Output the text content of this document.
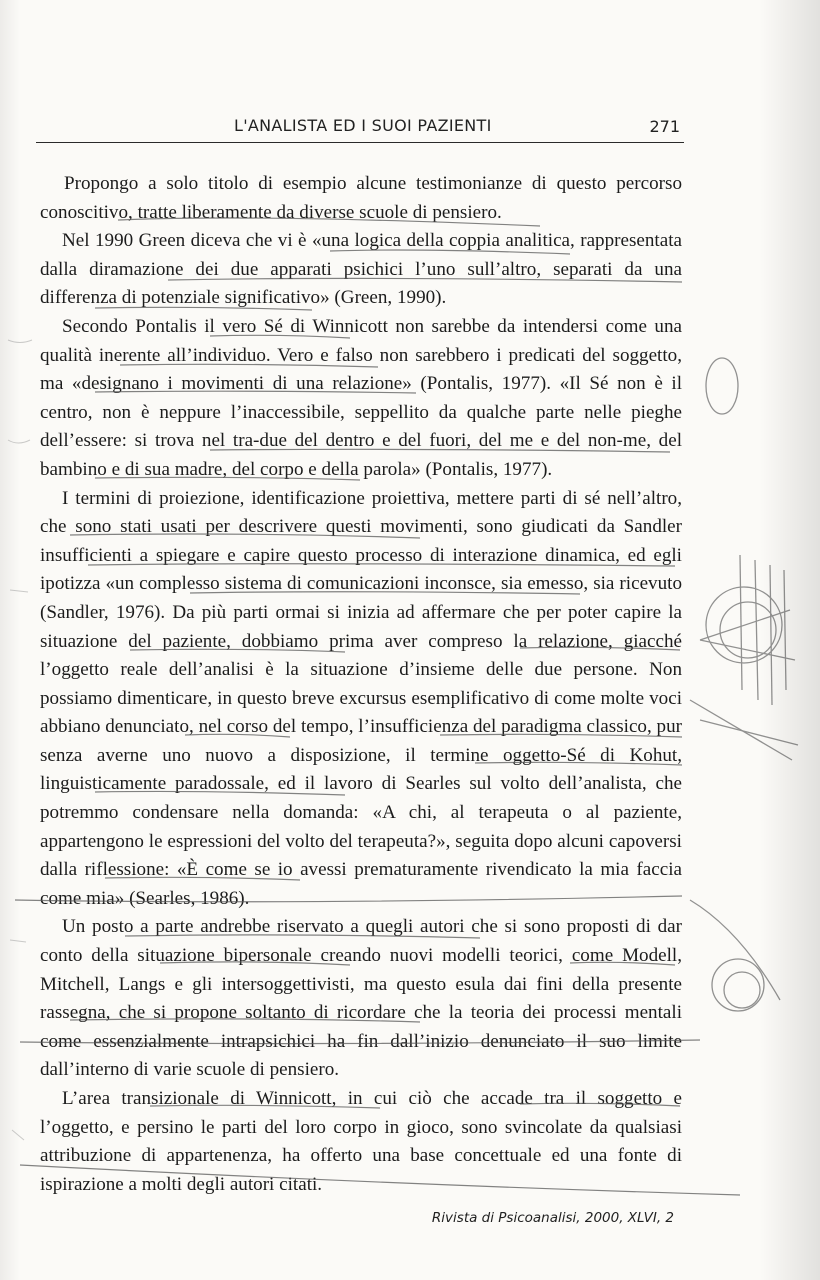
L'ANALISTA ED I SUOI PAZIENTI	271

Propongo a solo titolo di esempio alcune testimonianze di questo percorso conoscitivo, tratte liberamente da diverse scuole di pensiero.

Nel 1990 Green diceva che vi è «una logica della coppia analitica, rappresentata dalla diramazione dei due apparati psichici l’uno sull’altro, separati da una differenza di potenziale significativo» (Green, 1990).

Secondo Pontalis il vero Sé di Winnicott non sarebbe da intendersi come una qualità inerente all’individuo. Vero e falso non sarebbero i predicati del soggetto, ma «designano i movimenti di una relazione» (Pontalis, 1977). «Il Sé non è il centro, non è neppure l’inaccessibile, seppellito da qualche parte nelle pieghe dell’essere: si trova nel tra-due del dentro e del fuori, del me e del non-me, del bambino e di sua madre, del corpo e della parola» (Pontalis, 1977).

I termini di proiezione, identificazione proiettiva, mettere parti di sé nell’altro, che sono stati usati per descrivere questi movimenti, sono giudicati da Sandler insufficienti a spiegare e capire questo processo di interazione dinamica, ed egli ipotizza «un complesso sistema di comunicazioni inconsce, sia emesso, sia ricevuto (Sandler, 1976). Da più parti ormai si inizia ad affermare che per poter capire la situazione del paziente, dobbiamo prima aver compreso la relazione, giacché l’oggetto reale dell’analisi è la situazione d’insieme delle due persone. Non possiamo dimenticare, in questo breve excursus esemplificativo di come molte voci abbiano denunciato, nel corso del tempo, l’insufficienza del paradigma classico, pur senza averne uno nuovo a disposizione, il termine oggetto-Sé di Kohut, linguisticamente paradossale, ed il lavoro di Searles sul volto dell’analista, che potremmo condensare nella domanda: «A chi, al terapeuta o al paziente, appartengono le espressioni del volto del terapeuta?», seguita dopo alcuni capoversi dalla riflessione: «È come se io avessi prematuramente rivendicato la mia faccia come mia» (Searles, 1986).

Un posto a parte andrebbe riservato a quegli autori che si sono proposti di dar conto della situazione bipersonale creando nuovi modelli teorici, come Modell, Mitchell, Langs e gli intersoggettivisti, ma questo esula dai fini della presente rassegna, che si propone soltanto di ricordare che la teoria dei processi mentali come essenzialmente intrapsichici ha fin dall’inizio denunciato il suo limite dall’interno di varie scuole di pensiero.

L’area transizionale di Winnicott, in cui ciò che accade tra il soggetto e l’oggetto, e persino le parti del loro corpo in gioco, sono svincolate da qualsiasi attribuzione di appartenenza, ha offerto una base concettuale ed una fonte di ispirazione a molti degli autori citati.

Rivista di Psicoanalisi, 2000, XLVI, 2
